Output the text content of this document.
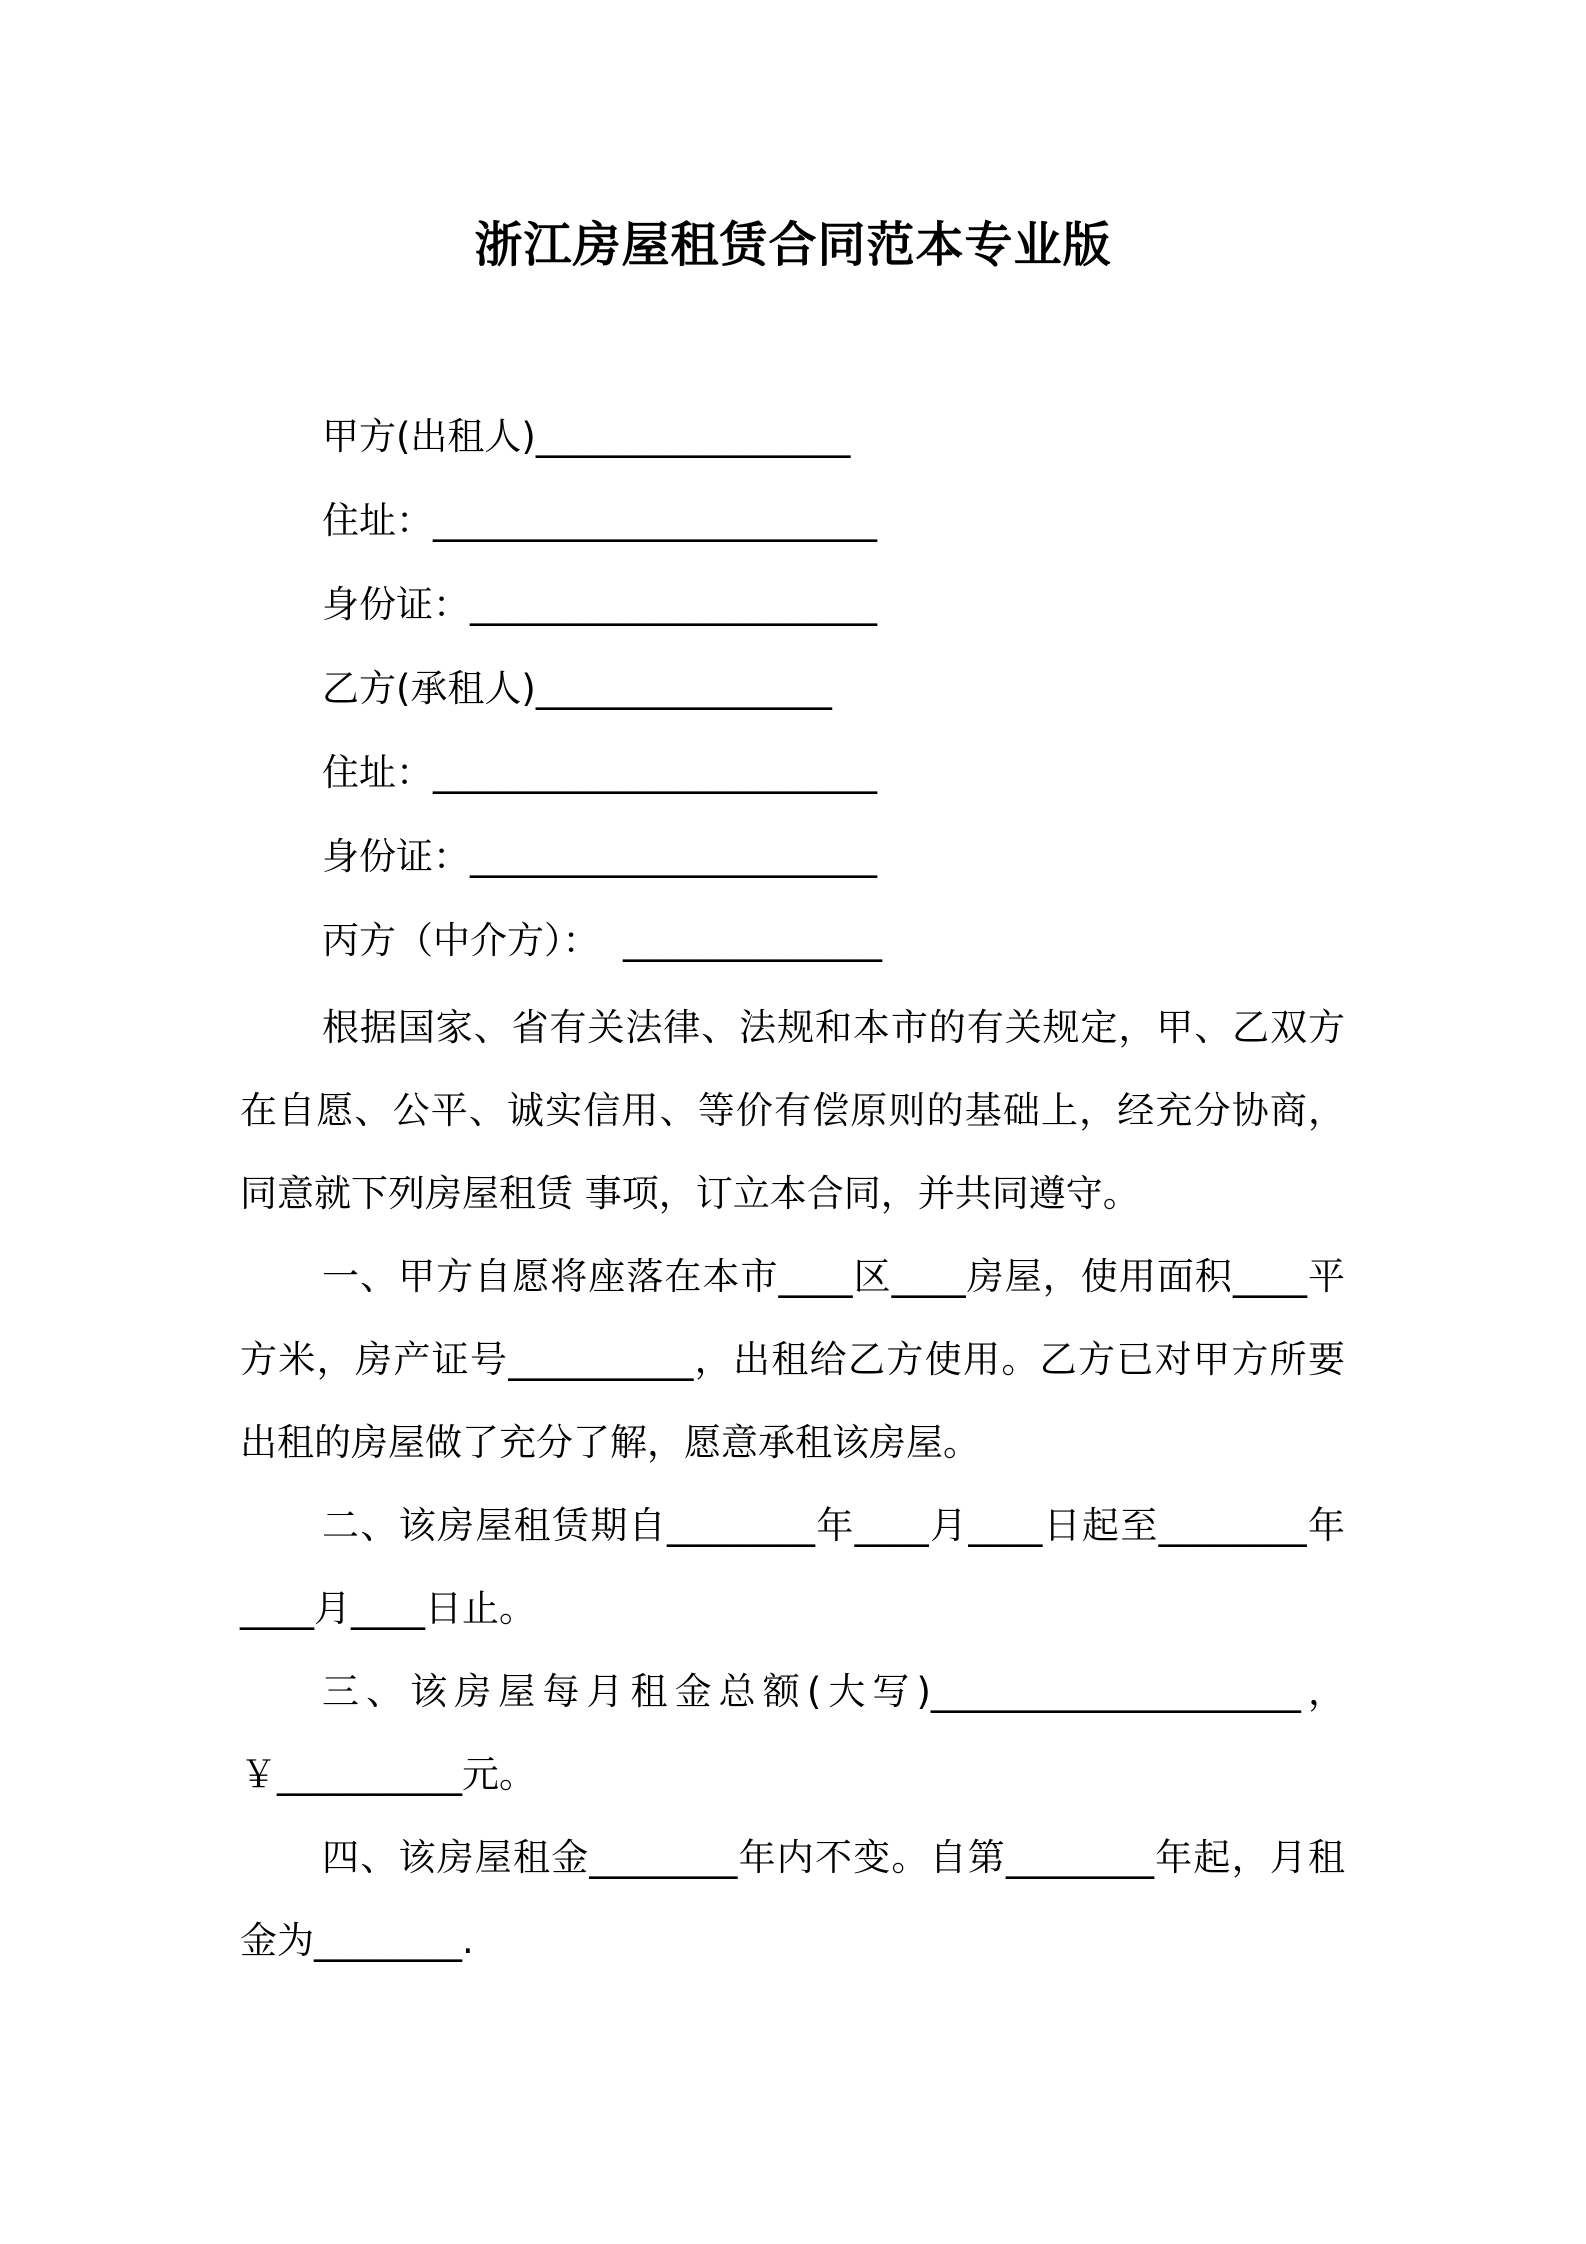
浙江房屋租赁合同范本专业版
甲方(出租人)_________________
住址：________________________
身份证：______________________
乙方(承租人)________________
住址：________________________
身份证：______________________
丙方（中介方）：  ______________
根据国家、省有关法律、法规和本市的有关规定，甲、乙双方在自愿、公平、诚实信用、等价有偿原则的基础上，经充分协商，同意就下列房屋租赁 事项，订立本合同，并共同遵守。
一、甲方自愿将座落在本市____区____房屋，使用面积____平方米，房产证号__________，出租给乙方使用。乙方已对甲方所要出租的房屋做了充分了解，愿意承租该房屋。
二、该房屋租赁期自________年____月____日起至________年____月____日止。
三、该房屋每月租金总额(大写)____________________，￥__________元。
四、该房屋租金________年内不变。自第________年起，月租金为________.
